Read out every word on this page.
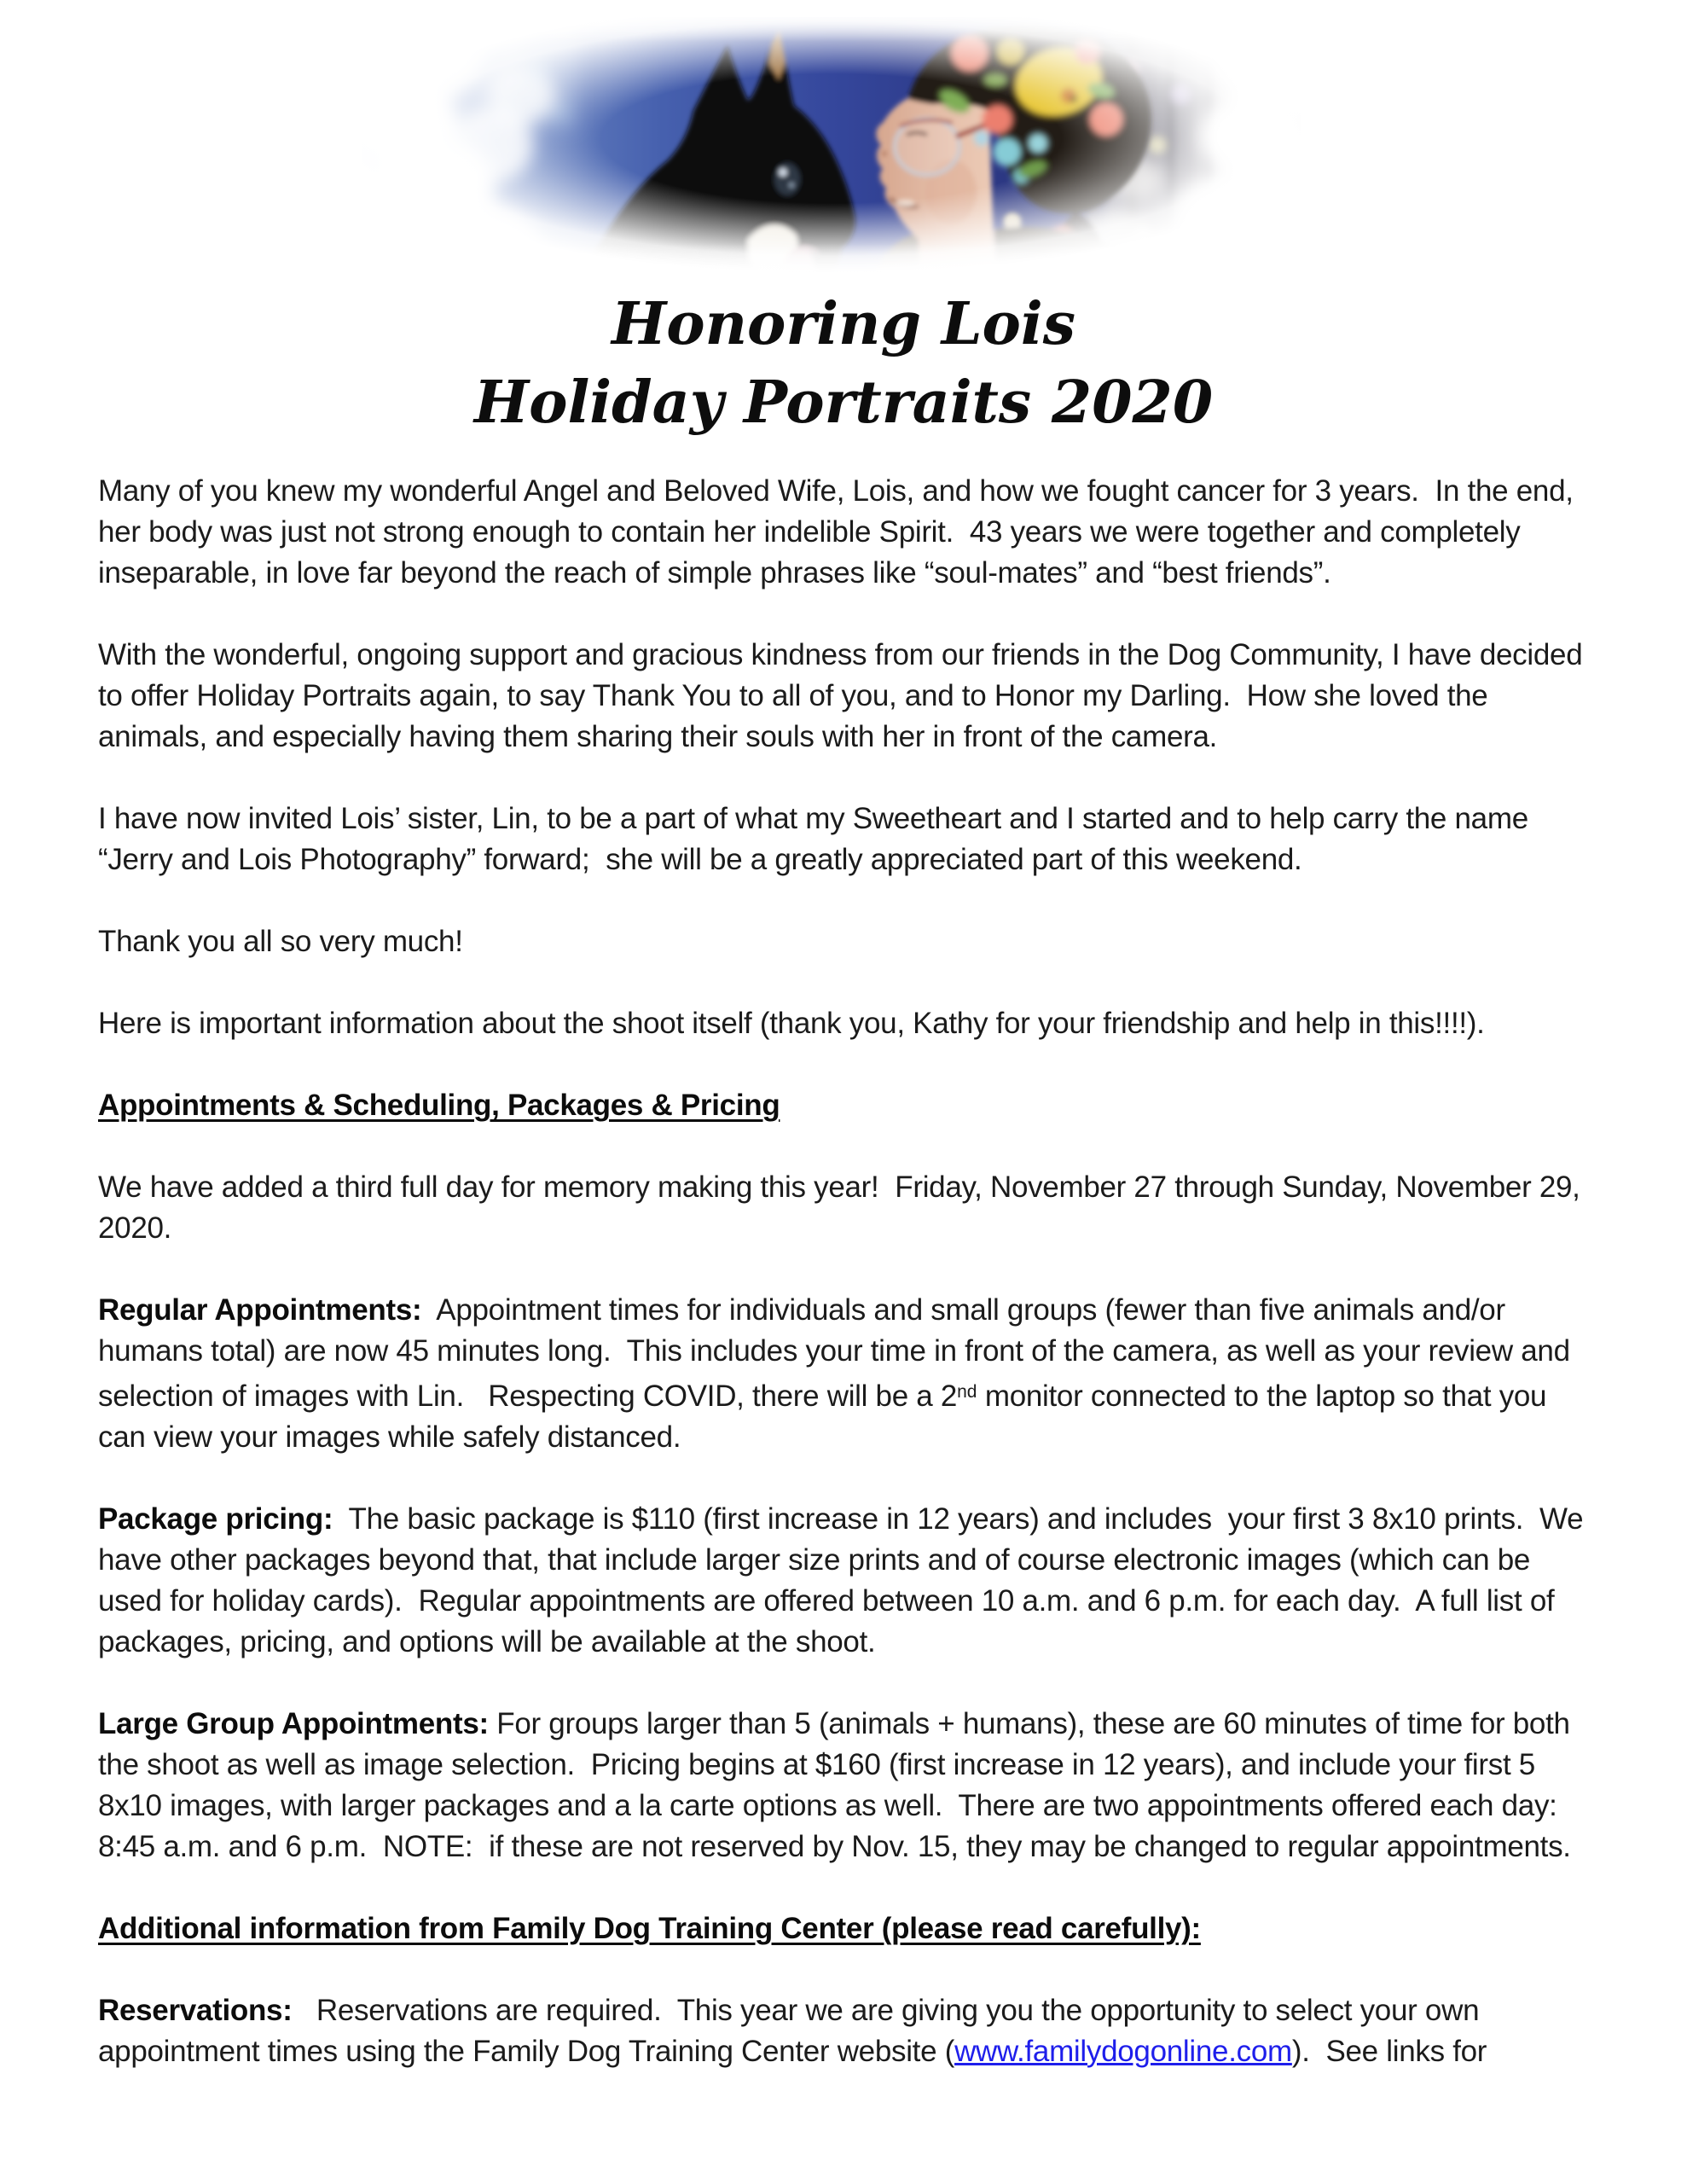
Honoring Lois
Holiday Portraits 2020

Many of you knew my wonderful Angel and Beloved Wife, Lois, and how we fought cancer for 3 years.  In the end, her body was just not strong enough to contain her indelible Spirit.  43 years we were together and completely inseparable, in love far beyond the reach of simple phrases like “soul-mates” and “best friends”.

With the wonderful, ongoing support and gracious kindness from our friends in the Dog Community, I have decided to offer Holiday Portraits again, to say Thank You to all of you, and to Honor my Darling.  How she loved the animals, and especially having them sharing their souls with her in front of the camera.

I have now invited Lois’ sister, Lin, to be a part of what my Sweetheart and I started and to help carry the name “Jerry and Lois Photography” forward;  she will be a greatly appreciated part of this weekend.

Thank you all so very much!

Here is important information about the shoot itself (thank you, Kathy for your friendship and help in this!!!!).

Appointments & Scheduling, Packages & Pricing

We have added a third full day for memory making this year!  Friday, November 27 through Sunday, November 29, 2020.

Regular Appointments:  Appointment times for individuals and small groups (fewer than five animals and/or humans total) are now 45 minutes long.  This includes your time in front of the camera, as well as your review and selection of images with Lin.   Respecting COVID, there will be a 2nd monitor connected to the laptop so that you can view your images while safely distanced.

Package pricing:  The basic package is $110 (first increase in 12 years) and includes  your first 3 8x10 prints.  We have other packages beyond that, that include larger size prints and of course electronic images (which can be used for holiday cards).  Regular appointments are offered between 10 a.m. and 6 p.m. for each day.  A full list of packages, pricing, and options will be available at the shoot.

Large Group Appointments: For groups larger than 5 (animals + humans), these are 60 minutes of time for both the shoot as well as image selection.  Pricing begins at $160 (first increase in 12 years), and include your first 5 8x10 images, with larger packages and a la carte options as well.  There are two appointments offered each day:  8:45 a.m. and 6 p.m.  NOTE:  if these are not reserved by Nov. 15, they may be changed to regular appointments.

Additional information from Family Dog Training Center (please read carefully):

Reservations:   Reservations are required.  This year we are giving you the opportunity to select your own appointment times using the Family Dog Training Center website (www.familydogonline.com).  See links for
